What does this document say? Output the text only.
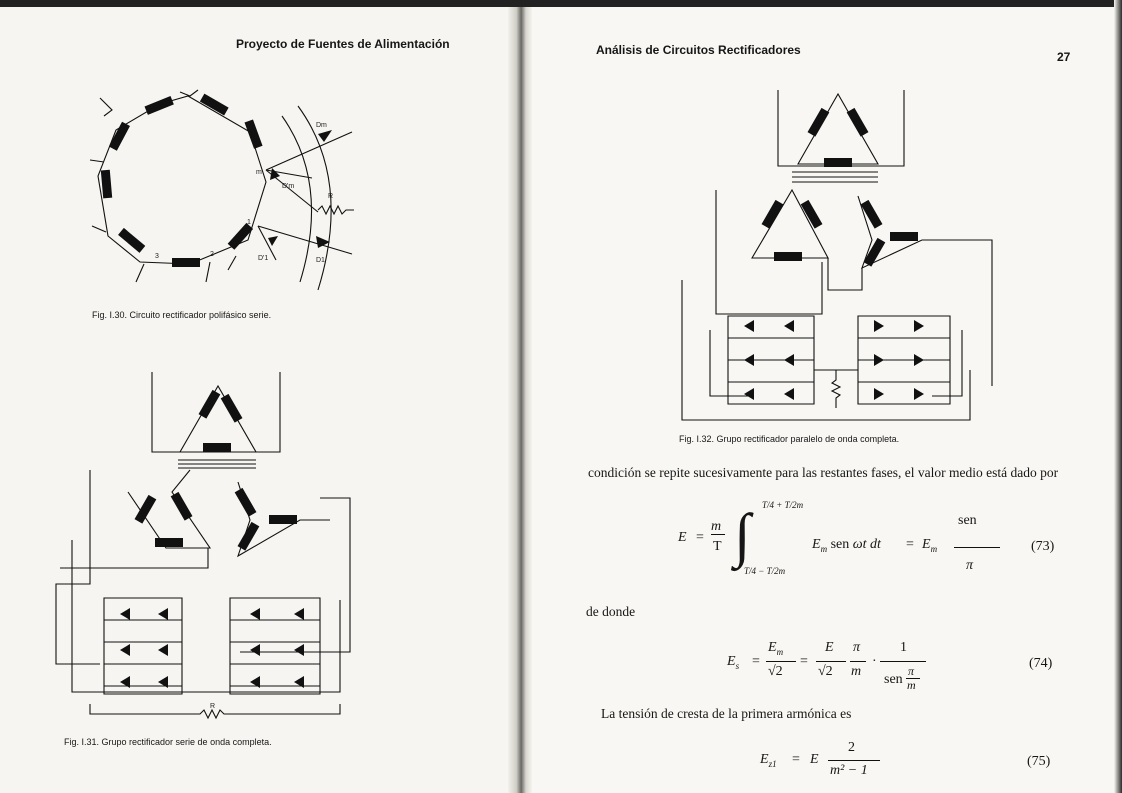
Proyecto de Fuentes de Alimentación
Dm
D'm
m
R
1
2
3	D'1	D1
Fig. I.30. Circuito rectificador polifásico serie.
R
Fig. I.31. Grupo rectificador serie de onda completa.
Análisis de Circuitos Rectificadores	27
Fig. I.32. Grupo rectificador paralelo de onda completa.
condición se repite sucesivamente para las restantes fases, el valor medio está dado por
E =
m
T ∫ T/4 + T/2m
T/4 − T/2m
$E_m$ sen ωt dt = $E_m$
sen
π
(73)
de donde
$E_s$ =
$E_m$
√2
=
E
√2
π
m
·
1
sen
π
m
(74)
La tensión de cresta de la primera armónica es
$E_{z1} = E$
2
m² − 1
(75)
